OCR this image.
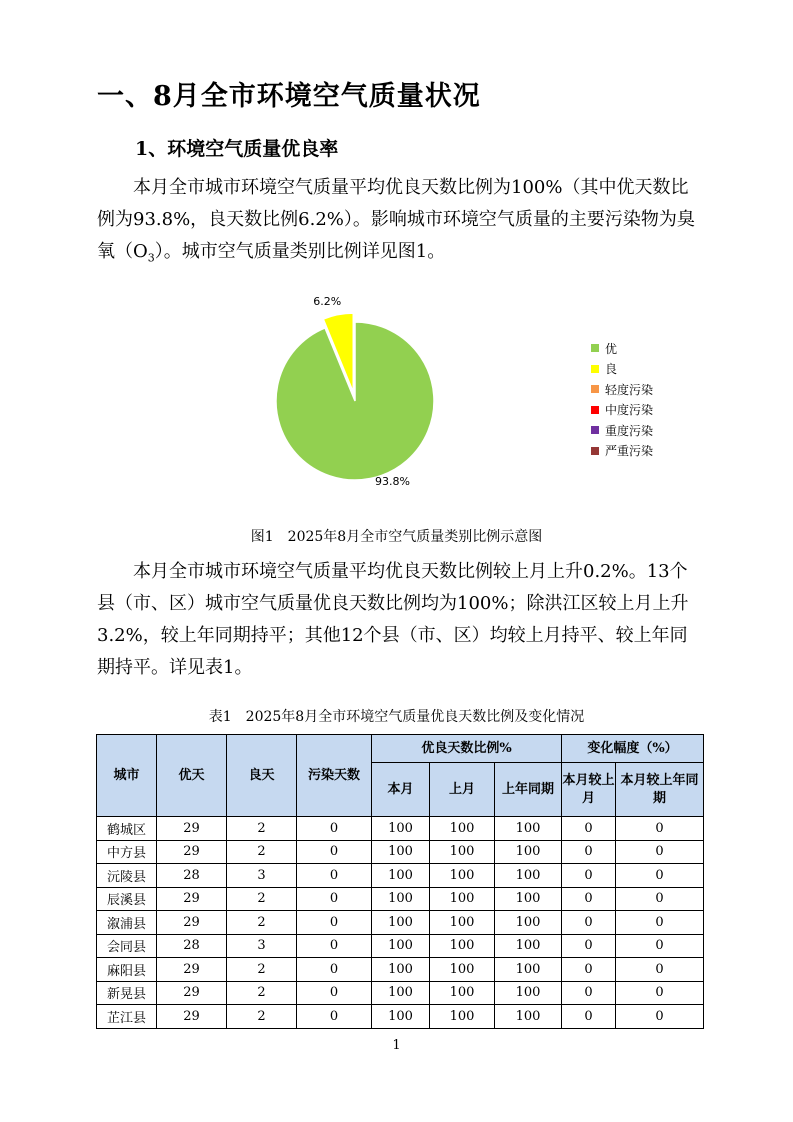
一、8月全市环境空气质量状况
1、环境空气质量优良率

本月全市城市环境空气质量平均优良天数比例为100%（其中优天数比例为93.8%，良天数比例6.2%）。影响城市环境空气质量的主要污染物为臭氧$(O_3)$。城市空气质量类别比例详见图1。

93.8%
6.2%
优
良
轻度污染
中度污染
重度污染
严重污染
图1　2025年8月全市空气质量类别比例示意图

本月全市城市环境空气质量平均优良天数比例较上月上升0.2%。13个县（市、区）城市空气质量优良天数比例均为100%；除洪江区较上月上升3.2%，较上年同期持平；其他12个县（市、区）均较上月持平、较上年同期持平。详见表1。

表1　2025年8月全市环境空气质量优良天数比例及变化情况
城市	优天	良天	污染天数	优良天数比例%			变化幅度（%）	
				本月	上月	上年同期	本月较上月	本月较上年同期
鹤城区	29	2	0	100	100	100	0	0
中方县	29	2	0	100	100	100	0	0
沅陵县	28	3	0	100	100	100	0	0
辰溪县	29	2	0	100	100	100	0	0
溆浦县	29	2	0	100	100	100	0	0
会同县	28	3	0	100	100	100	0	0
麻阳县	29	2	0	100	100	100	0	0
新晃县	29	2	0	100	100	100	0	0
芷江县	29	2	0	100	100	100	0	0
1
